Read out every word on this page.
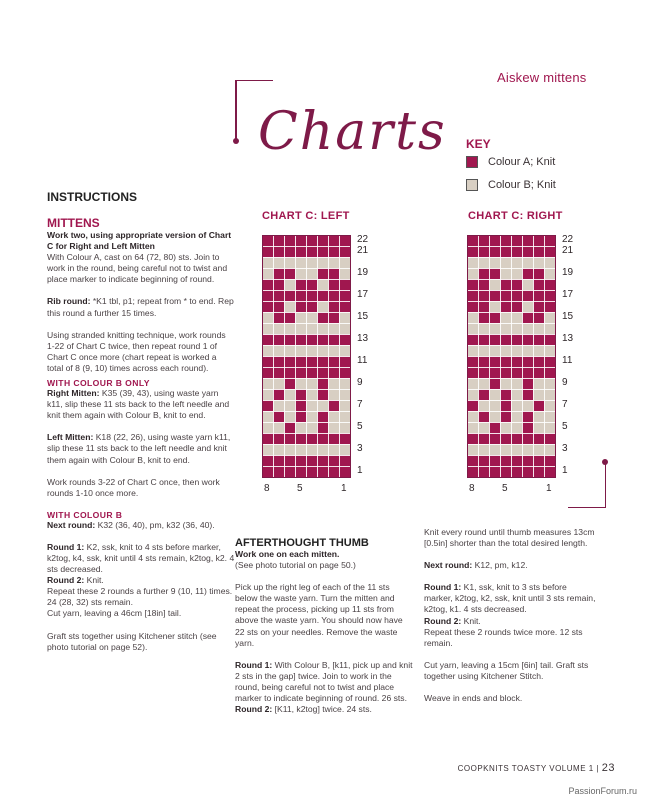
Aiskew mittens
Charts KEY
Colour A; Knit
Colour B; Knit
INSTRUCTIONS
MITTENS
Work two, using appropriate version of Chart C for Right and Left Mitten
With Colour A, cast on 64 (72, 80) sts. Join to work in the round, being careful not to twist and place marker to indicate beginning of round.
Rib round: *K1 tbl, p1; repeat from * to end. Rep this round a further 15 times.
Using stranded knitting technique, work rounds 1-22 of Chart C twice, then repeat round 1 of Chart C once more (chart repeat is worked a total of 8 (9, 10) times across each round).
WITH COLOUR B ONLY
Right Mitten: K35 (39, 43), using waste yarn k11, slip these 11 sts back to the left needle and knit them again with Colour B, knit to end.
Left Mitten: K18 (22, 26), using waste yarn k11, slip these 11 sts back to the left needle and knit them again with Colour B, knit to end.
Work rounds 3-22 of Chart C once, then work rounds 1-10 once more.
WITH COLOUR B
Next round: K32 (36, 40), pm, k32 (36, 40).
Round 1: K2, ssk, knit to 4 sts before marker, k2tog, k4, ssk, knit until 4 sts remain, k2tog, k2. 4 sts decreased.
Round 2: Knit.
Repeat these 2 rounds a further 9 (10, 11) times. 24 (28, 32) sts remain.
Cut yarn, leaving a 46cm [18in] tail.
Graft sts together using Kitchener stitch (see photo tutorial on page 52).
CHART C: LEFT	CHART C: RIGHT
1
3
5
7
9
11
13
15
17
19
21
22
8	5	1
1
3
5
7
9
11
13
15
17
19
21
22
8	5	1
AFTERTHOUGHT THUMB
Work one on each mitten.
(See photo tutorial on page 50.)
Pick up the right leg of each of the 11 sts below the waste yarn. Turn the mitten and repeat the process, picking up 11 sts from above the waste yarn. You should now have 22 sts on your needles. Remove the waste yarn.
Round 1: With Colour B, [k11, pick up and knit 2 sts in the gap] twice. Join to work in the round, being careful not to twist and place marker to indicate beginning of round. 26 sts.
Round 2: [K11, k2tog] twice. 24 sts.
Knit every round until thumb measures 13cm [0.5in] shorter than the total desired length.
Next round: K12, pm, k12.
Round 1: K1, ssk, knit to 3 sts before marker, k2tog, k2, ssk, knit until 3 sts remain, k2tog, k1. 4 sts decreased.
Round 2: Knit.
Repeat these 2 rounds twice more. 12 sts remain.
Cut yarn, leaving a 15cm [6in] tail. Graft sts together using Kitchener Stitch.
Weave in ends and block.
COOPKNITS TOASTY VOLUME 1 | 23
PassionForum.ru
